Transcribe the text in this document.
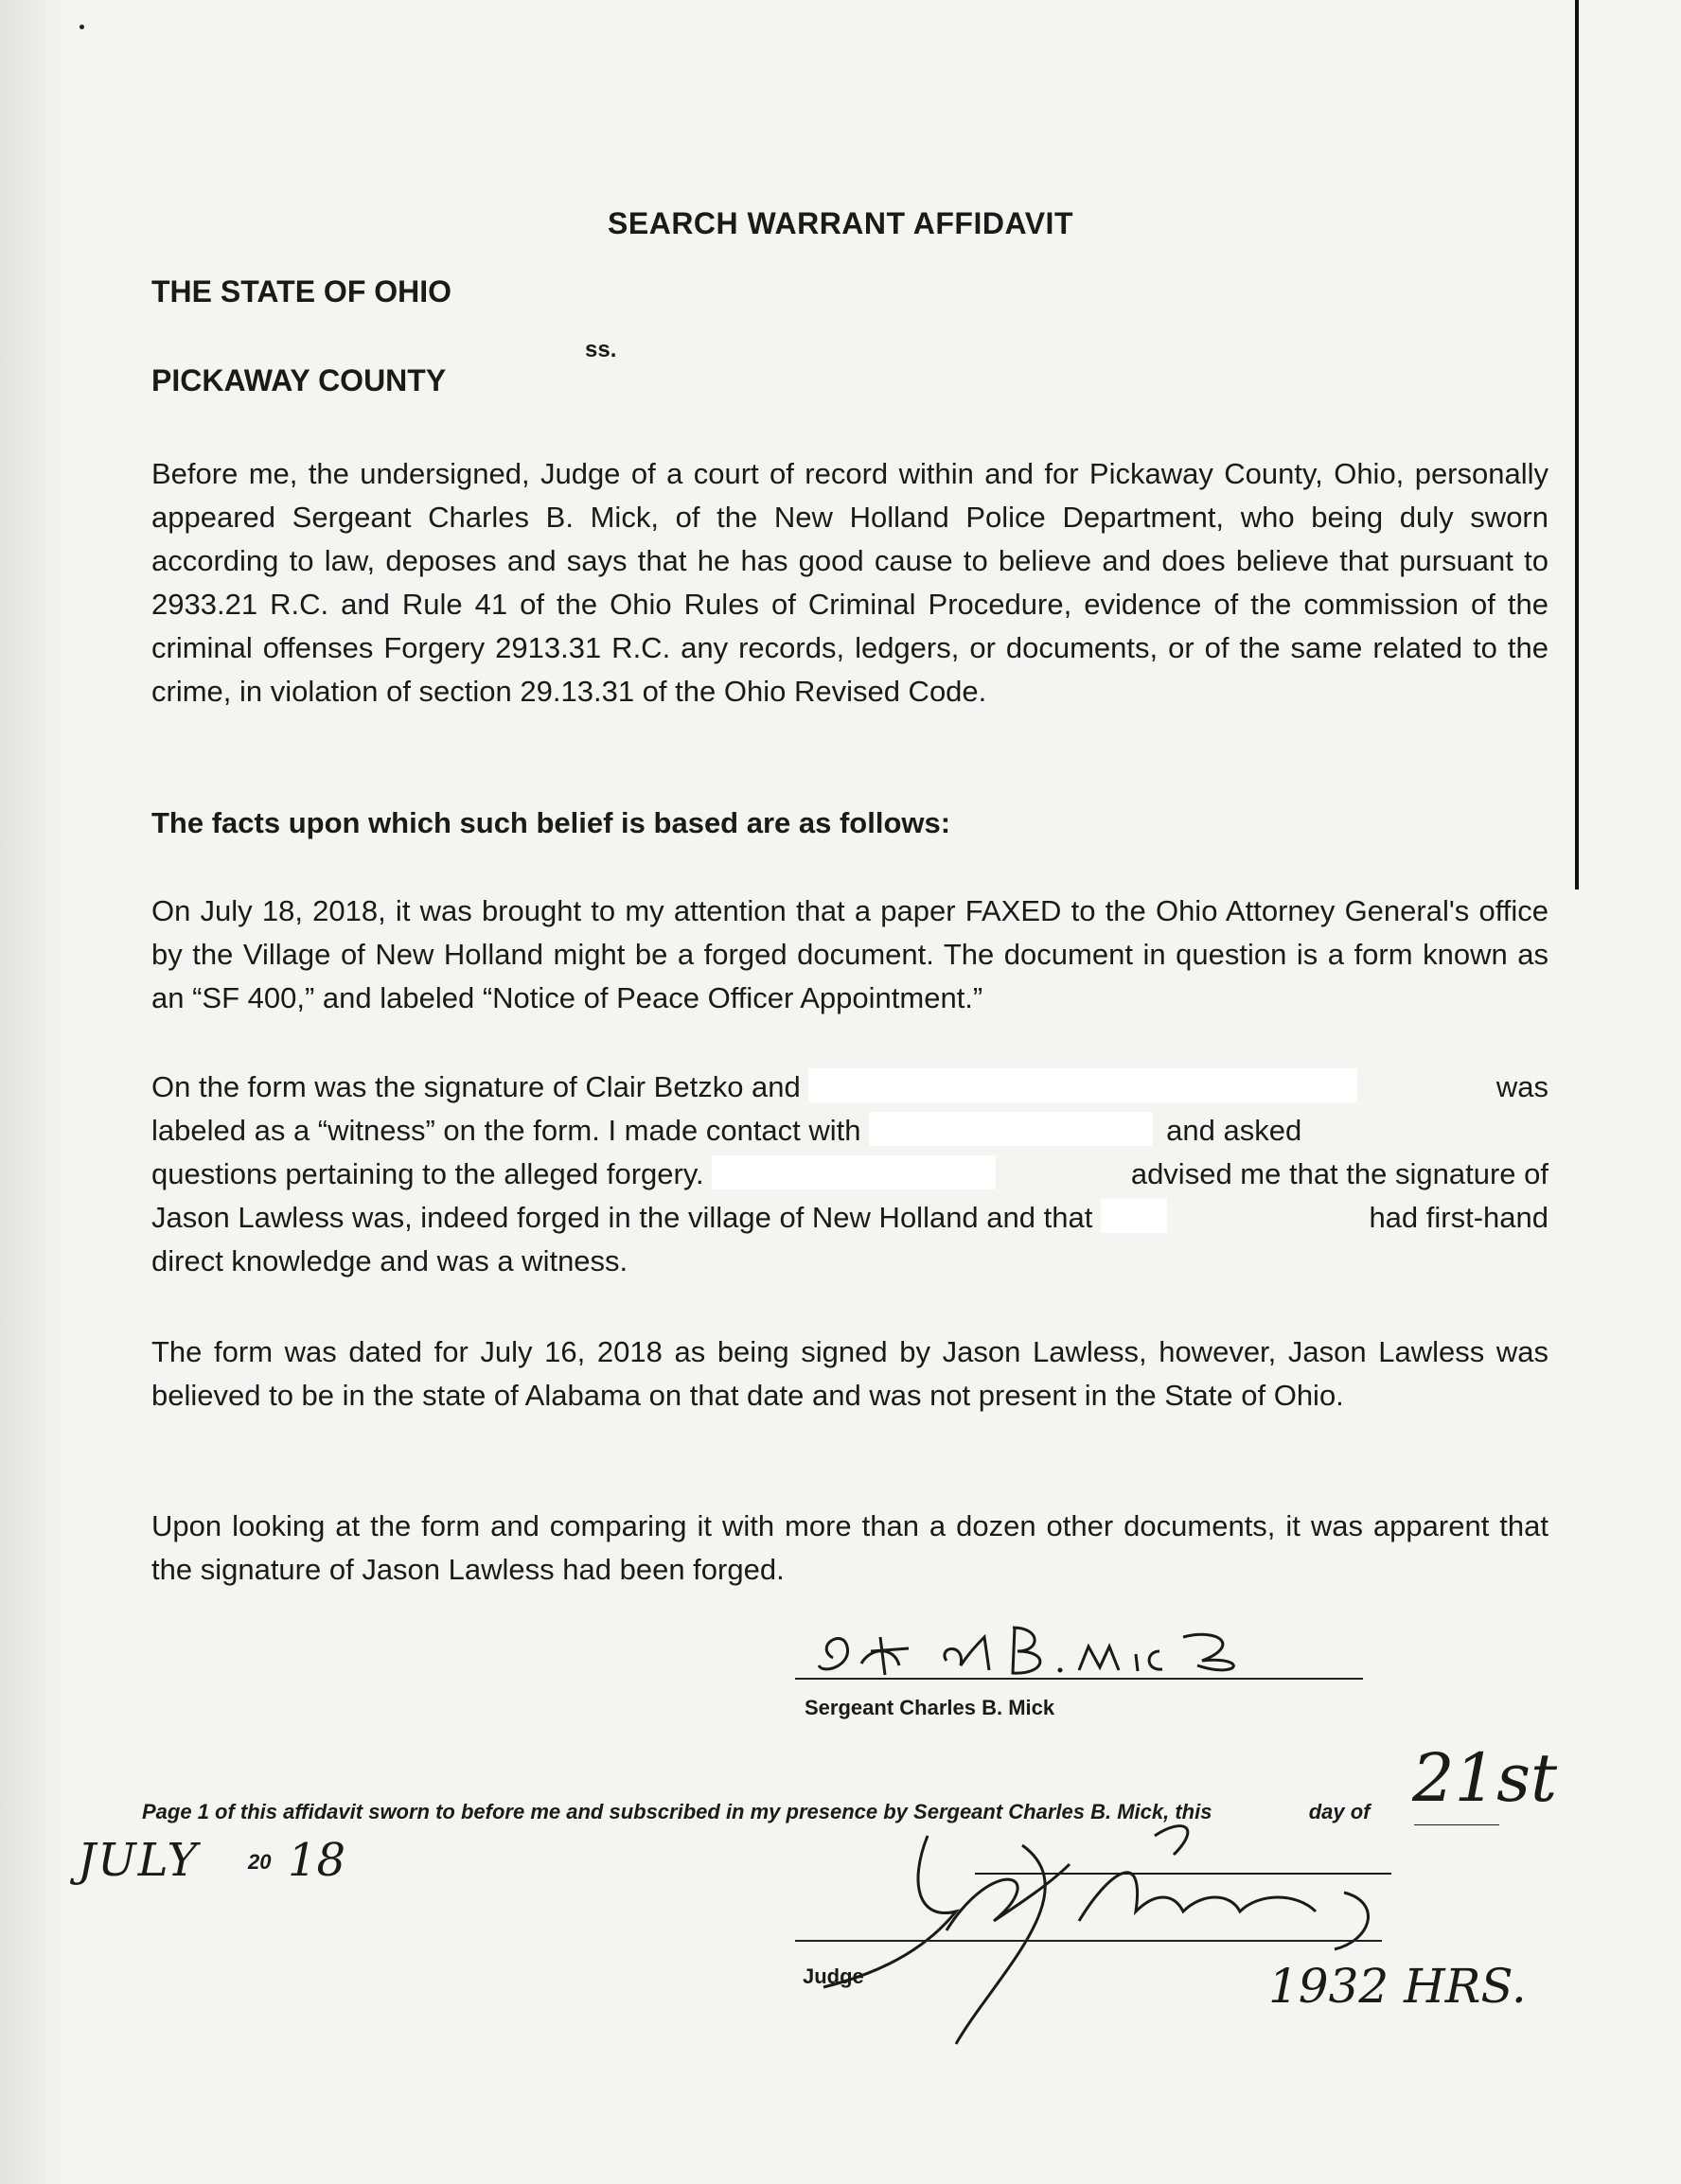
SEARCH WARRANT AFFIDAVIT
THE STATE OF OHIO
ss.
PICKAWAY COUNTY
Before me, the undersigned, Judge of a court of record within and for Pickaway County, Ohio, personally appeared Sergeant Charles B. Mick, of the New Holland Police Department, who being duly sworn according to law, deposes and says that he has good cause to believe and does believe that pursuant to 2933.21 R.C. and Rule 41 of the Ohio Rules of Criminal Procedure, evidence of the commission of the criminal offenses Forgery 2913.31 R.C. any records, ledgers, or documents, or of the same related to the crime, in violation of section 29.13.31 of the Ohio Revised Code.
The facts upon which such belief is based are as follows:
On July 18, 2018, it was brought to my attention that a paper FAXED to the Ohio Attorney General's office by the Village of New Holland might be a forged document. The document in question is a form known as an “SF 400,” and labeled “Notice of Peace Officer Appointment.”
On the form was the signature of Clair Betzko and	was

labeled as a “witness” on the form. I made contact with	and asked
questions pertaining to the alleged forgery.	advised me that the signature of

Jason Lawless was, indeed forged in the village of New Holland and that	had first-hand

direct knowledge and was a witness.
The form was dated for July 16, 2018 as being signed by Jason Lawless, however, Jason Lawless was believed to be in the state of Alabama on that date and was not present in the State of Ohio.
Upon looking at the form and comparing it with more than a dozen other documents, it was apparent that the signature of Jason Lawless had been forged.
Sergeant Charles B. Mick
Page 1 of this affidavit sworn to before me and subscribed in my presence by Sergeant Charles B. Mick, this	day of 21st
JULY 20 18
Judge	1932 HRS.
